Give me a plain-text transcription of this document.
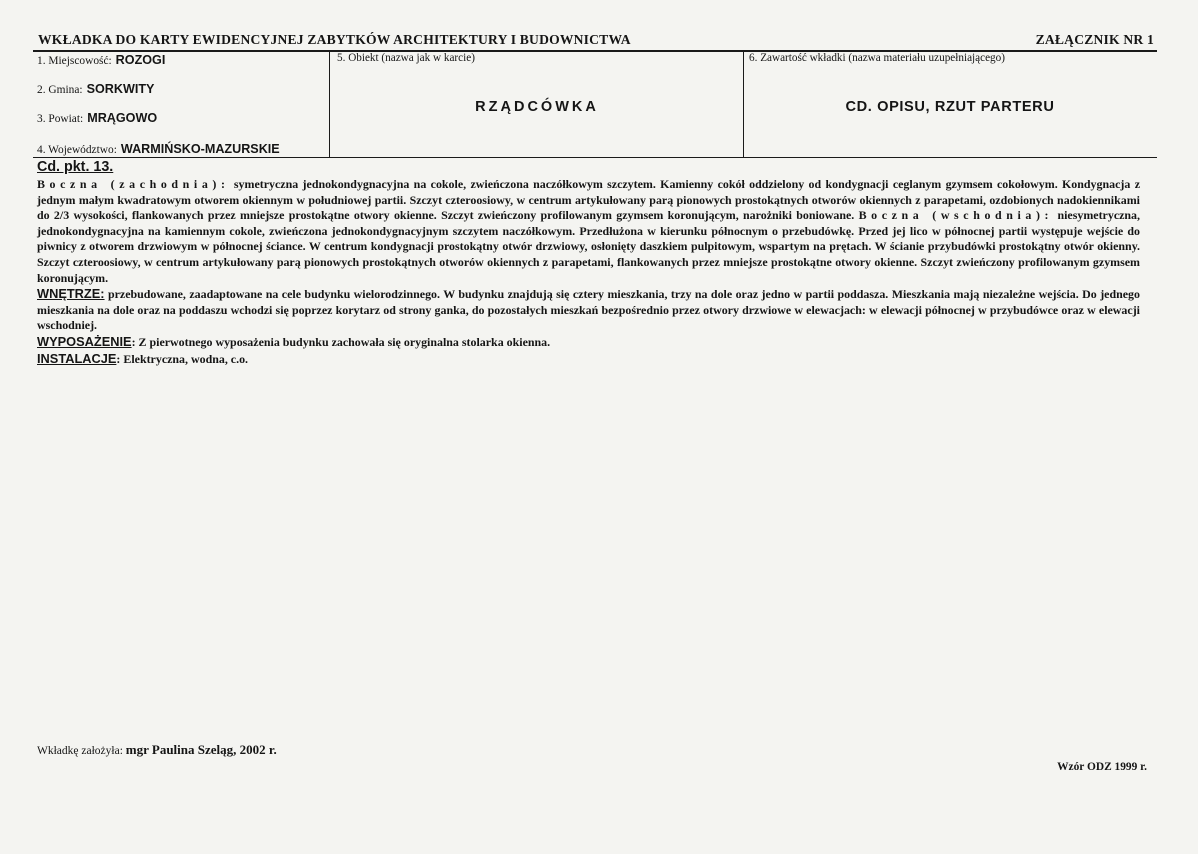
WKŁADKA DO KARTY EWIDENCYJNEJ ZABYTKÓW ARCHITEKTURY I BUDOWNICTWA	ZAŁĄCZNIK NR 1
1. Miejscowość: ROZOGI
2. Gmina: SORKWITY
3. Powiat: MRĄGOWO
4. Województwo: WARMIŃSKO-MAZURSKIE
5. Obiekt (nazwa jak w karcie)
RZĄDCÓWKA
6. Zawartość wkładki (nazwa materiału uzupełniającego)
CD. OPISU, RZUT PARTERU
Cd. pkt. 13.

Boczna (zachodnia): symetryczna jednokondygnacyjna na cokole, zwieńczona naczółkowym szczytem. Kamienny cokół oddzielony od kondygnacji ceglanym gzymsem cokołowym. Kondygnacja z jednym małym kwadratowym otworem okiennym w południowej partii. Szczyt czteroosiowy, w centrum artykułowany parą pionowych prostokątnych otworów okiennych z parapetami, ozdobionych nadokiennikami do 2/3 wysokości, flankowanych przez mniejsze prostokątne otwory okienne. Szczyt zwieńczony profilowanym gzymsem koronującym, narożniki boniowane. Boczna (wschodnia): niesymetryczna, jednokondygnacyjna na kamiennym cokole, zwieńczona jednokondygnacyjnym szczytem naczółkowym. Przedłużona w kierunku północnym o przebudówkę. Przed jej lico w północnej partii występuje wejście do piwnicy z otworem drzwiowym w północnej ściance. W centrum kondygnacji prostokątny otwór drzwiowy, osłonięty daszkiem pulpitowym, wspartym na prętach. W ścianie przybudówki prostokątny otwór okienny. Szczyt czteroosiowy, w centrum artykułowany parą pionowych prostokątnych otworów okiennych z parapetami, flankowanych przez mniejsze prostokątne otwory okienne. Szczyt zwieńczony profilowanym gzymsem koronującym.

WNĘTRZE: przebudowane, zaadaptowane na cele budynku wielorodzinnego. W budynku znajdują się cztery mieszkania, trzy na dole oraz jedno w partii poddasza. Mieszkania mają niezależne wejścia. Do jednego mieszkania na dole oraz na poddaszu wchodzi się poprzez korytarz od strony ganka, do pozostałych mieszkań bezpośrednio przez otwory drzwiowe w elewacjach: w elewacji północnej w przybudówce oraz w elewacji wschodniej.

WYPOSAŻENIE: Z pierwotnego wyposażenia budynku zachowała się oryginalna stolarka okienna.

INSTALACJE: Elektryczna, wodna, c.o.

Wkładkę założyła: mgr Paulina Szeląg, 2002 r.
Wzór ODZ 1999 r.
